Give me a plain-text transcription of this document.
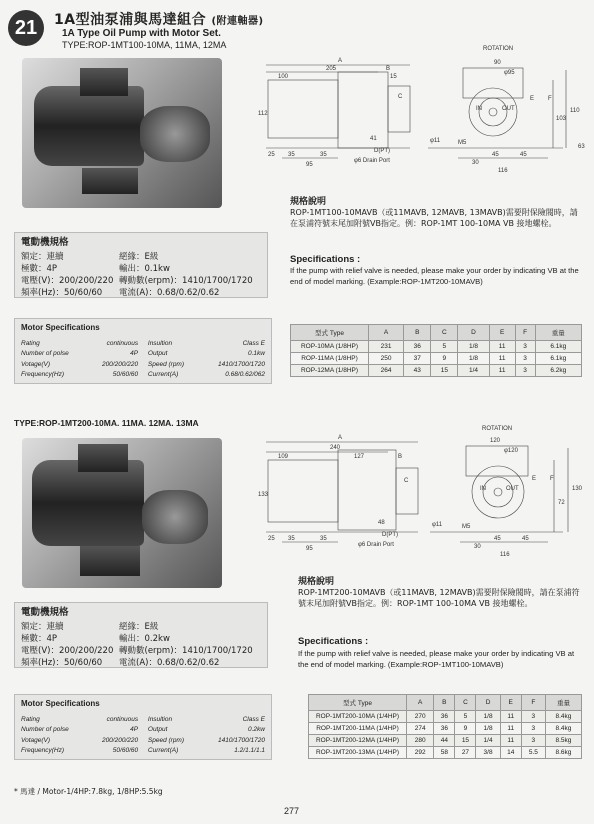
21	1A型油泵浦與馬達組合 (附連軸器)
1A Type Oil Pump with Motor Set.
TYPE:ROP-1MT100-10MA, 11MA, 12MA	ROTATION
A
205	B
100	15
C
41
112
25 35	35
95
D(PT)
φ6 Drain Port
90
φ95
IN	OUT
E F
103
110
φ11	M5
30
45	45
116
63
電動機規格
額定：連續	絕緣：E級
極數：4P	輸出：0.1kw
電壓(V)：200/200/220 轉動數(erpm)：1410/1700/1720
頻率(Hz)：50/60/60	電流(A)：0.68/0.62/0.62
Motor Specifications
Rating	continuous Insultion	Class E
Number of polse	4P Output	0.1kw
Votage(V)	200/200/220 Speed (rpm)	1410/1700/1720
Frequency(Hz)	50/60/60 Current(A)	0.68/0.62/062
規格說明
ROP-1MT100-10MAVB（或11MAVB, 12MAVB, 13MAVB)需要附保險閥時，請在泵浦符號末尾加附號VB指定。例：ROP-1MT 100-10MA VB 接地螺栓。
Specifications :
If the pump with relief valve is needed, please make your order by indicating VB at the end of model marking. (Example:ROP-1MT200-10MAVB)
型式 Type	A	B	C	D	E	F	重量
ROP-10MA (1/8HP)	231	36	5	1/8	11	3	6.1kg
ROP-11MA (1/8HP)	250	37	9	1/8	11	3	6.1kg
ROP-12MA (1/8HP)	264	43	15	1/4	11	3	6.2kg
TYPE:ROP-1MT200-10MA. 11MA. 12MA. 13MA
ROTATION
A
240
109	127	B
C
48
133
25 35	35
95
D(PT)
φ6 Drain Port
120
φ120
IN	OUT
E F
72
130
φ11	M5
30
45	45
116
電動機規格
額定：連續	絕緣：E級
極數：4P	輸出：0.2kw
電壓(V)：200/200/220 轉動數(erpm)：1410/1700/1720
頻率(Hz)：50/60/60	電流(A)：0.68/0.62/0.62
Motor Specifications
Rating	continuous Insultion	Class E
Number of polse	4P Output	0.2kw
Votage(V)	200/200/220 Speed (rpm)	1410/1700/1720
Frequency(Hz)	50/60/60 Current(A)	1.2/1.1/1.1
規格說明
ROP-1MT200-10MAVB（或11MAVB, 12MAVB)需要附保險閥時，請在泵浦符號末尾加附號VB指定。例：ROP-1MT 100-10MA VB 接地螺栓。
Specifications :
If the pump with relief valve is needed, please make your order by indicating VB at the end of model marking. (Example:ROP-1MT100-10MAVB)
型式 Type	A	B	C	D	E	F	重量
ROP-1MT200-10MA (1/4HP)	270	36	5	1/8	11	3	8.4kg
ROP-1MT200-11MA (1/4HP)	274	36	9	1/8	11	3	8.4kg
ROP-1MT200-12MA (1/4HP)	280	44	15	1/4	11	3	8.5kg
ROP-1MT200-13MA (1/4HP)	292	58	27	3/8	14	5.5	8.6kg
* 馬達 / Motor-1/4HP:7.8kg, 1/8HP:5.5kg
277
